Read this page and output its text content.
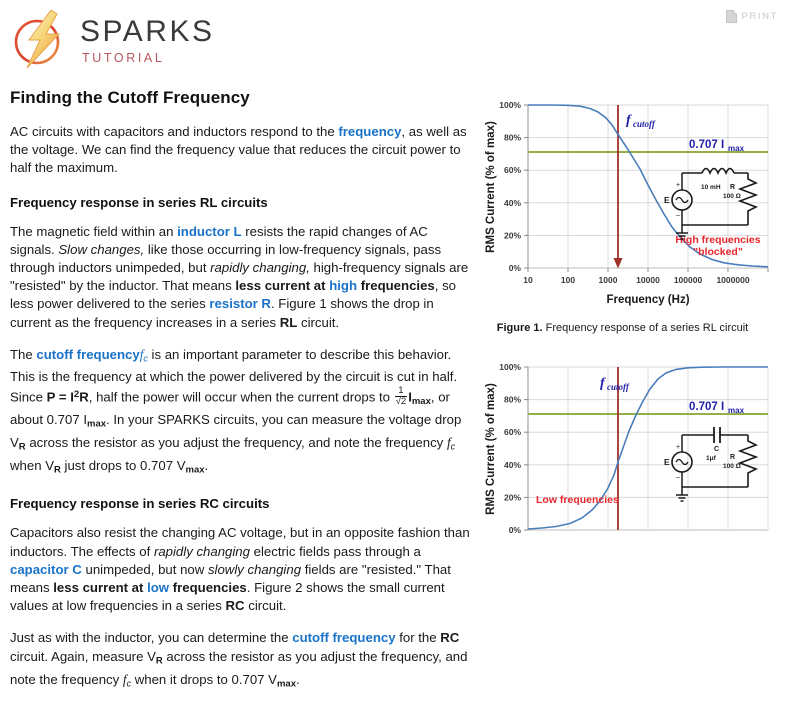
SPARKS
TUTORIAL
PRINT
Finding the Cutoff Frequency

AC circuits with capacitors and inductors respond to the frequency, as well as the voltage. We can find the frequency value that reduces the circuit power to half the maximum.

Frequency response in series RL circuits

The magnetic field within an inductor L resists the rapid changes of AC signals. Slow changes, like those occurring in low-frequency signals, pass through inductors unimpeded, but rapidly changing, high-frequency signals are "resisted" by the inductor. That means less current at high frequencies, so less power delivered to the series resistor R. Figure 1 shows the drop in current as the frequency increases in a series RL circuit.

The cutoff frequencyfc is an important parameter to describe this behavior. This is the frequency at which the power delivered by the circuit is cut in half. Since $P = I^2R$, half the power will occur when the current drops to $\frac{1}{√2} I_{max}$, or about 0.707 $I_{max}$. In your SPARKS circuits, you can measure the voltage drop $V_R$ across the resistor as you adjust the frequency, and note the frequency fc when $V_R$ just drops to 0.707 $V_{max}$.

Frequency response in series RC circuits

Capacitors also resist the changing AC voltage, but in an opposite fashion than inductors. The effects of rapidly changing electric fields pass through a capacitor C unimpeded, but now slowly changing fields are "resisted." That means less current at low frequencies. Figure 2 shows the small current values at low frequencies in a series RC circuit.

Just as with the inductor, you can determine the cutoff frequency for the RC circuit. Again, measure $V_R$ across the resistor as you adjust the frequency, and note the frequency fc when it drops to 0.707 $V_{max}$.

0%
20%
40%
60%
80%
100%
10	100	1000 10000 100000 1000000
Frequency (Hz)
RMS Current (% of max)
f cutoff
0.707 I max
High frequencies
"blocked"
E
10 mH R
100 Ω
+
–
Figure 1. Frequency response of a series RL circuit
0%
20%
40%
60%
80%
100%
RMS Current (% of max)	f cutoff
0.707 I max
Low frequencies
E
C
1μf R
100 Ω
+
–
